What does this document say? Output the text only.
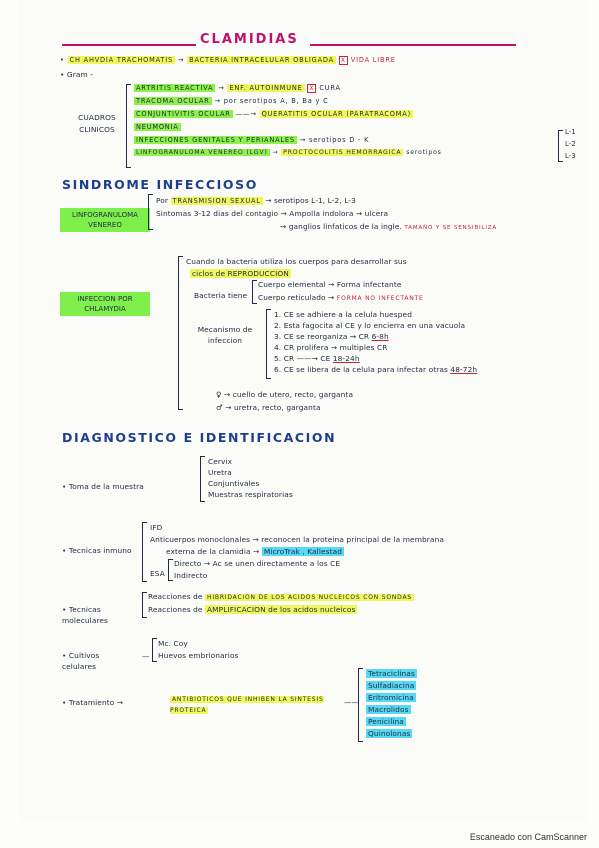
CLAMIDIAS
• CH AHVDIA TRACHOMATIS → BACTERIA INTRACELULAR OBLIGADA X VIDA LIBRE
• Gram -
CUADROS CLINICOS
ARTRITIS REACTIVA → ENF. AUTOINMUNE X CURA
TRACOMA OCULAR → por serotipos A, B, Ba y C
CONJUNTIVITIS OCULAR ——→ QUERATITIS OCULAR (PARATRACOMA)
NEUMONIA
INFECCIONES GENITALES Y PERIANALES → serotipos D - K
LINFOGRANULOMA VENEREO (LGV) → PROCTOCOLITIS HEMORRAGICA serotipos
L-1
L-2
L-3
SINDROME INFECCIOSO
LINFOGRANULOMA VENEREO
Por TRANSMISION SEXUAL → serotipos L-1, L-2, L-3
Sintomas 3-12 dias del contagio → Ampolla indolora ⇝ ulcera
⇝ ganglios linfaticos de la ingle. TAMAÑO Y SE SENSIBILIZA
INFECCION POR CHLAMYDIA
Cuando la bacteria utiliza los cuerpos para desarrollar sus
ciclos de REPRODUCCION
Bacteria tiene
Cuerpo elemental → Forma infectante
Cuerpo reticulado → FORMA NO INFECTANTE
Mecanismo de infeccion
1. CE se adhiere a la celula huesped
2. Esta fagocita al CE y lo encierra en una vacuola
3. CE se reorganiza ⇝ CR 6-8h
4. CR prolifera ⇝ multiples CR
5. CR ——→ CE 18-24h
6. CE se libera de la celula para infectar otras 48-72h
♀ → cuello de utero, recto, garganta
♂ → uretra, recto, garganta
DIAGNOSTICO E IDENTIFICACION
• Toma de la muestra
Cervix
Uretra
Conjuntivales
Muestras respiratorias
• Tecnicas inmuno
IFD
Anticuerpos monoclonales → reconocen la proteina principal de la membrana
externa de la clamidia → MicroTrak , Kallestad
ESA
Directo → Ac se unen directamente a los CE
Indirecto
• Tecnicas moleculares
Reacciones de HIBRIDACION DE LOS ACIDOS NUCLEICOS CON SONDAS
Reacciones de AMPLIFICACION de los acidos nucleicos
• Cultivos celulares
—
Mc. Coy
Huevos embrionarios
• Tratamiento →	ANTIBIOTICOS QUE INHIBEN LA SINTESIS PROTEICA
——
Tetraciclinas
Sulfadiacina
Eritromicina
Macrolidos
Penicilina
Quinolonas
Escaneado con CamScanner
